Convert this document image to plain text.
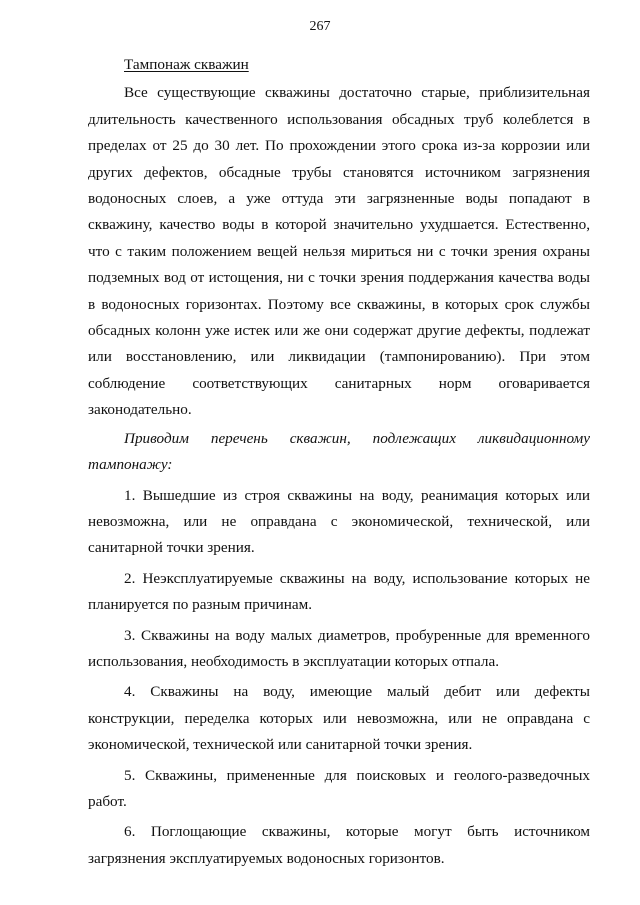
267

Тампонаж скважин

Все существующие скважины достаточно старые, приблизительная длительность качественного использования обсадных труб колеблется в пределах от 25 до 30 лет. По прохождении этого срока из-за коррозии или других дефектов, обсадные трубы становятся источником загрязнения водоносных слоев, а уже оттуда эти загрязненные воды попадают в скважину, качество воды в которой значительно ухудшается. Естественно, что с таким положением вещей нельзя мириться ни с точки зрения охраны подземных вод от истощения, ни с точки зрения поддержания качества воды в водоносных горизонтах. Поэтому все скважины, в которых срок службы обсадных колонн уже истек или же они содержат другие дефекты, подлежат или восстановлению, или ликвидации (тампонированию). При этом соблюдение соответствующих санитарных норм оговаривается законодательно.

Приводим перечень скважин, подлежащих ликвидационному тампонажу:

1. Вышедшие из строя скважины на воду, реанимация которых или невозможна, или не оправдана с экономической, технической, или санитарной точки зрения.

2. Неэксплуатируемые скважины на воду, использование которых не планируется по разным причинам.

3. Скважины на воду малых диаметров, пробуренные для временного использования, необходимость в эксплуатации которых отпала.

4. Скважины на воду, имеющие малый дебит или дефекты конструкции, переделка которых или невозможна, или не оправдана с экономической, технической или санитарной точки зрения.

5. Скважины, примененные для поисковых и геолого-разведочных работ.

6. Поглощающие скважины, которые могут быть источником загрязнения эксплуатируемых водоносных горизонтов.
